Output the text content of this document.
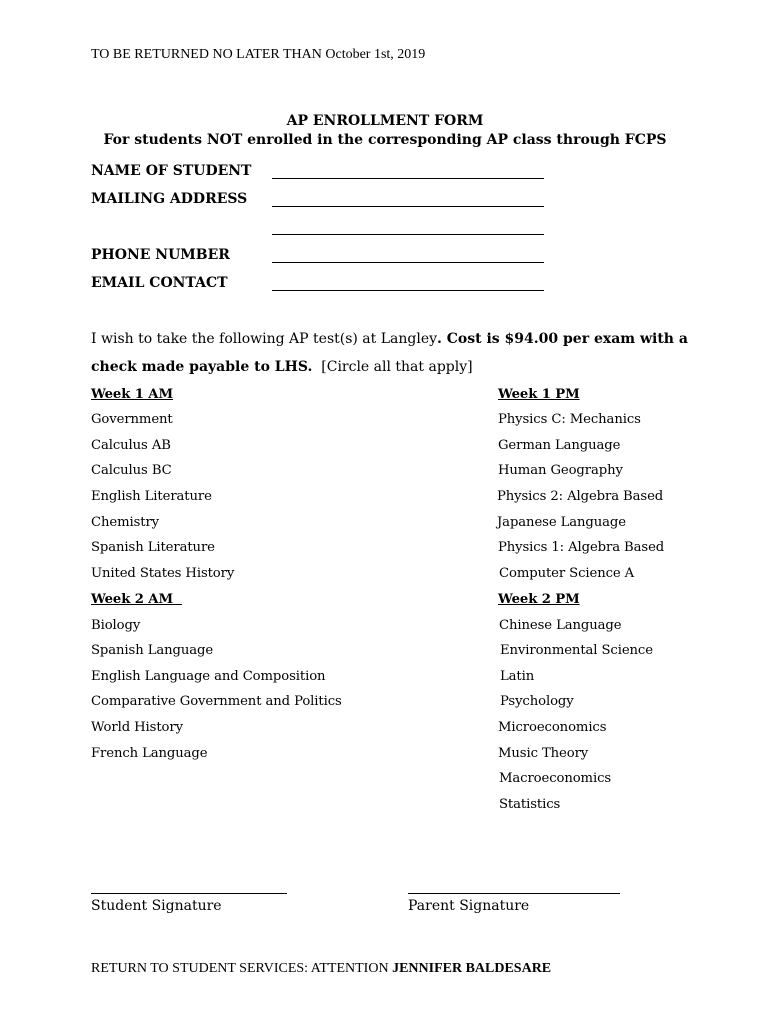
TO BE RETURNED NO LATER THAN October 1st, 2019
AP ENROLLMENT FORM
For students NOT enrolled in the corresponding AP class through FCPS
NAME OF STUDENT
MAILING ADDRESS
PHONE NUMBER
EMAIL CONTACT
I wish to take the following AP test(s) at Langley. Cost is $94.00 per exam with a
check made payable to LHS. [Circle all that apply]
Week 1 AM
Government
Calculus AB
Calculus BC
English Literature
Chemistry
Spanish Literature
United States History
Week 1 PM
Physics C: Mechanics
German Language
Human Geography
Physics 2: Algebra Based
Japanese Language
Physics 1: Algebra Based
Computer Science A
Week 2 AM
Biology
Spanish Language
English Language and Composition
Comparative Government and Politics
World History
French Language
Week 2 PM
Chinese Language
Environmental Science
Latin
Psychology
Microeconomics
Music Theory
Macroeconomics
Statistics
Student Signature	Parent Signature
RETURN TO STUDENT SERVICES: ATTENTION JENNIFER BALDESARE
